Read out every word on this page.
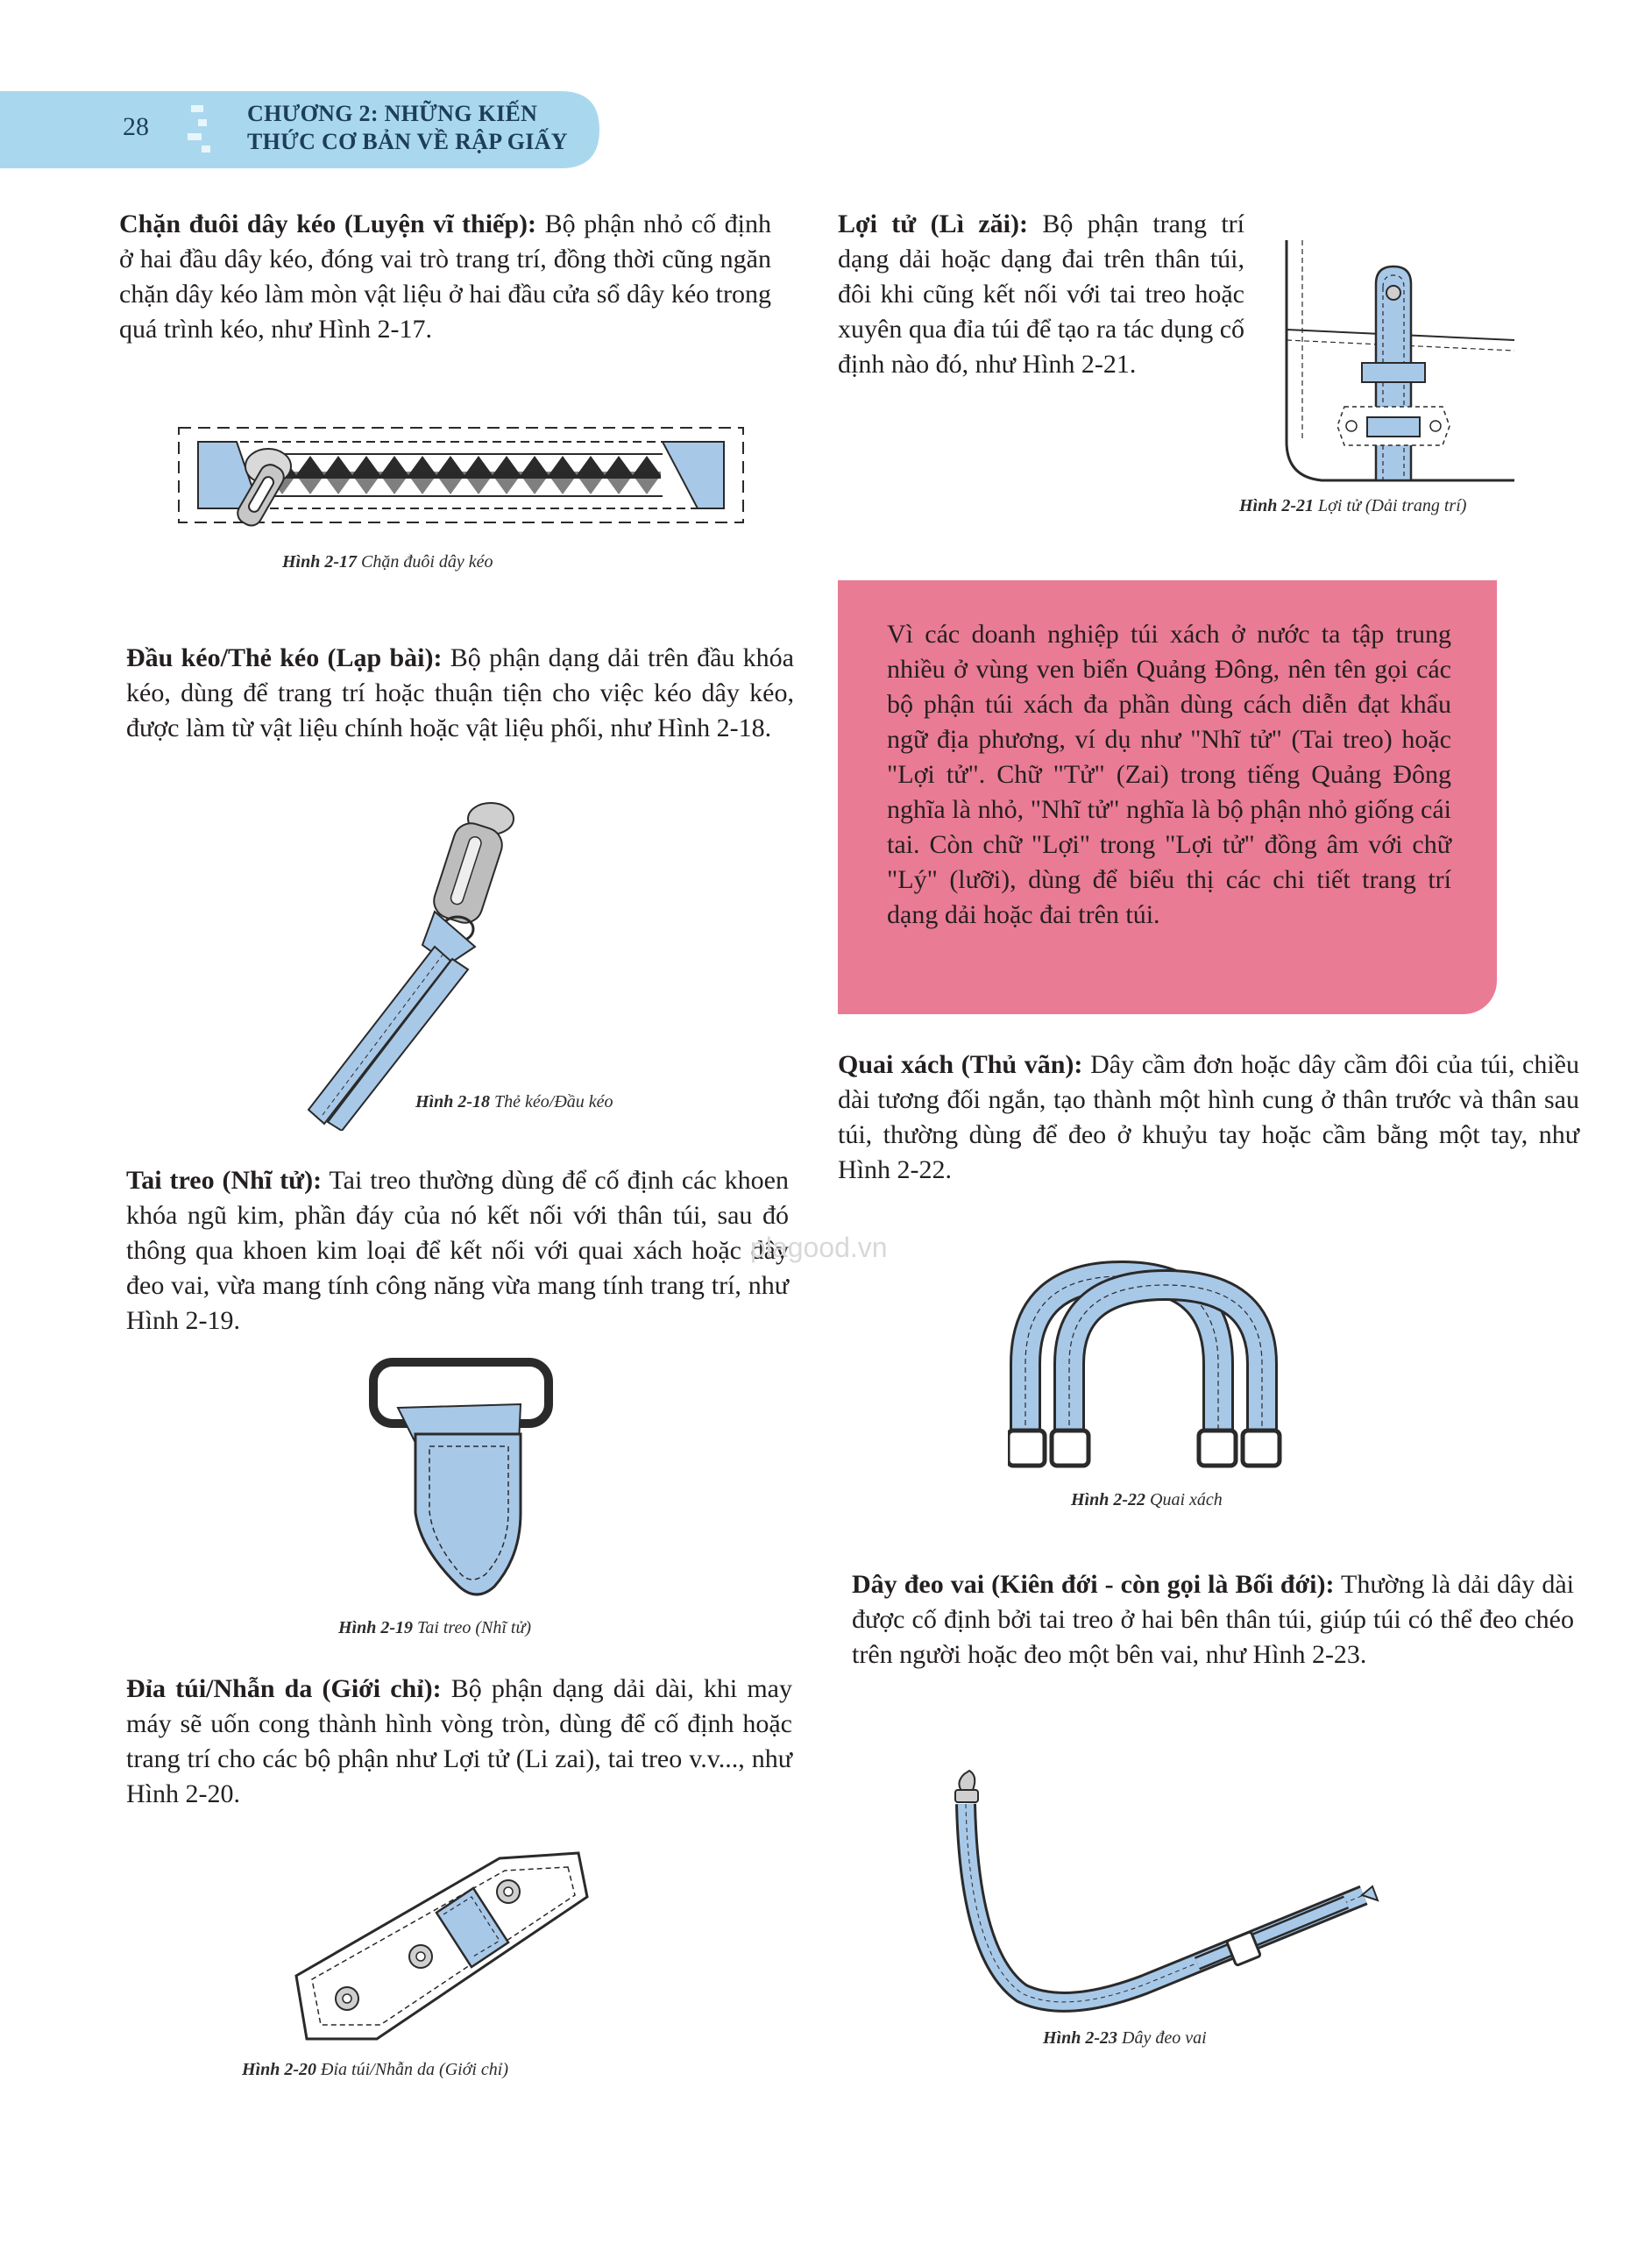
28	CHƯƠNG 2: NHỮNG KIẾN
THỨC CƠ BẢN VỀ RẬP GIẤY
Chặn đuôi dây kéo (Luyện vĩ thiếp): Bộ phận nhỏ cố định ở hai đầu dây kéo, đóng vai trò trang trí, đồng thời cũng ngăn chặn dây kéo làm mòn vật liệu ở hai đầu cửa sổ dây kéo trong quá trình kéo, như Hình 2-17.
Hình 2-17 Chặn đuôi dây kéo
Đầu kéo/Thẻ kéo (Lạp bài): Bộ phận dạng dải trên đầu khóa kéo, dùng để trang trí hoặc thuận tiện cho việc kéo dây kéo, được làm từ vật liệu chính hoặc vật liệu phối, như Hình 2-18.
Hình 2-18 Thẻ kéo/Đầu kéo
Tai treo (Nhĩ tử): Tai treo thường dùng để cố định các khoen khóa ngũ kim, phần đáy của nó kết nối với thân túi, sau đó thông qua khoen kim loại để kết nối với quai xách hoặc dây đeo vai, vừa mang tính công năng vừa mang tính trang trí, như Hình 2-19.
Hình 2-19 Tai treo (Nhĩ tử)
Đỉa túi/Nhẫn da (Giới chỉ): Bộ phận dạng dải dài, khi may máy sẽ uốn cong thành hình vòng tròn, dùng để cố định hoặc trang trí cho các bộ phận như Lợi tử (Li zai), tai treo v.v..., như Hình 2-20.
Hình 2-20 Đỉa túi/Nhẫn da (Giới chỉ)
Lợi tử (Lì zăi): Bộ phận trang trí dạng dải hoặc dạng đai trên thân túi, đôi khi cũng kết nối với tai treo hoặc xuyên qua đỉa túi để tạo ra tác dụng cố định nào đó, như Hình 2-21.
Hình 2-21 Lợi tử (Dải trang trí)
Vì các doanh nghiệp túi xách ở nước ta tập trung nhiều ở vùng ven biển Quảng Đông, nên tên gọi các bộ phận túi xách đa phần dùng cách diễn đạt khẩu ngữ địa phương, ví dụ như "Nhĩ tử" (Tai treo) hoặc "Lợi tử". Chữ "Tử" (Zai) trong tiếng Quảng Đông nghĩa là nhỏ, "Nhĩ tử" nghĩa là bộ phận nhỏ giống cái tai. Còn chữ "Lợi" trong "Lợi tử" đồng âm với chữ "Lý" (lưỡi), dùng để biểu thị các chi tiết trang trí dạng dải hoặc đai trên túi.
Quai xách (Thủ vãn): Dây cầm đơn hoặc dây cầm đôi của túi, chiều dài tương đối ngắn, tạo thành một hình cung ở thân trước và thân sau túi, thường dùng để đeo ở khuỷu tay hoặc cầm bằng một tay, như Hình 2-22.
Hình 2-22 Quai xách
Dây đeo vai (Kiên đới - còn gọi là Bối đới): Thường là dải dây dài được cố định bởi tai treo ở hai bên thân túi, giúp túi có thể đeo chéo trên người hoặc đeo một bên vai, như Hình 2-23.
Hình 2-23 Dây đeo vai
plagood.vn
